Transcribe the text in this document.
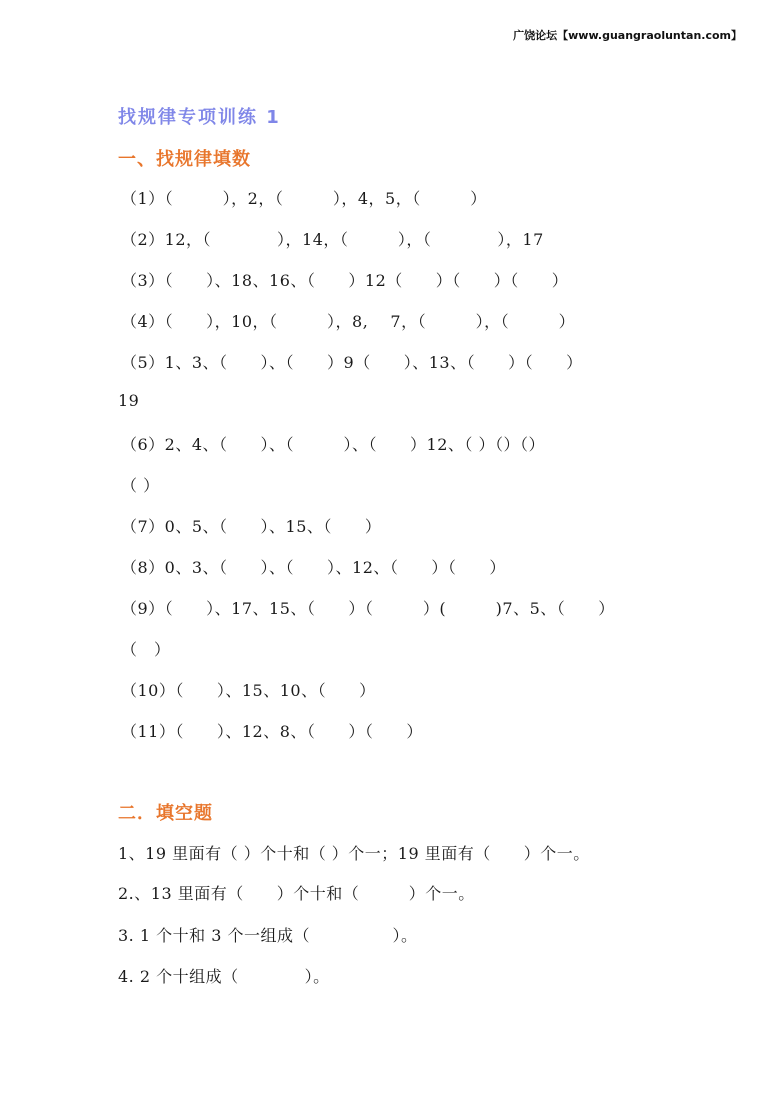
广饶论坛【www.guangraoluntan.com】
找规律专项训练 1
一、找规律填数
（1）（　　　），2，（　　　），4，5，（　　　）
（2）12，（　　　　），14，（　　　），（　　　　），17
（3）（　　）、18、16、（　　）12（　　）（　　）（　　）
（4）（　　），10，（　　　），8,　 7，（　　　），（　　　）
（5）1、3、（　　）、（　　）9（　　）、13、（　　）（　　）
19
（6）2、4、（　　）、（　　　）、（　　）12、（ ）（）（）
（ ）
（7）0、5、（　　）、15、（　　）
（8）0、3、（　　）、（　　）、12、（　　）（　　）
（9）（　　）、17、15、（　　）（　　　）(　　　)7、5、（　　）
（　）
（10）（　　）、15、10、（　　）
（11）（　　）、12、8、（　　）（　　）
二．填空题
1、19 里面有（ ）个十和（ ）个一；19 里面有（　　）个一。
2.、13 里面有（　　）个十和（　　　）个一。
3. 1 个十和 3 个一组成（　　　　　）。
4. 2 个十组成（　　　　）。
